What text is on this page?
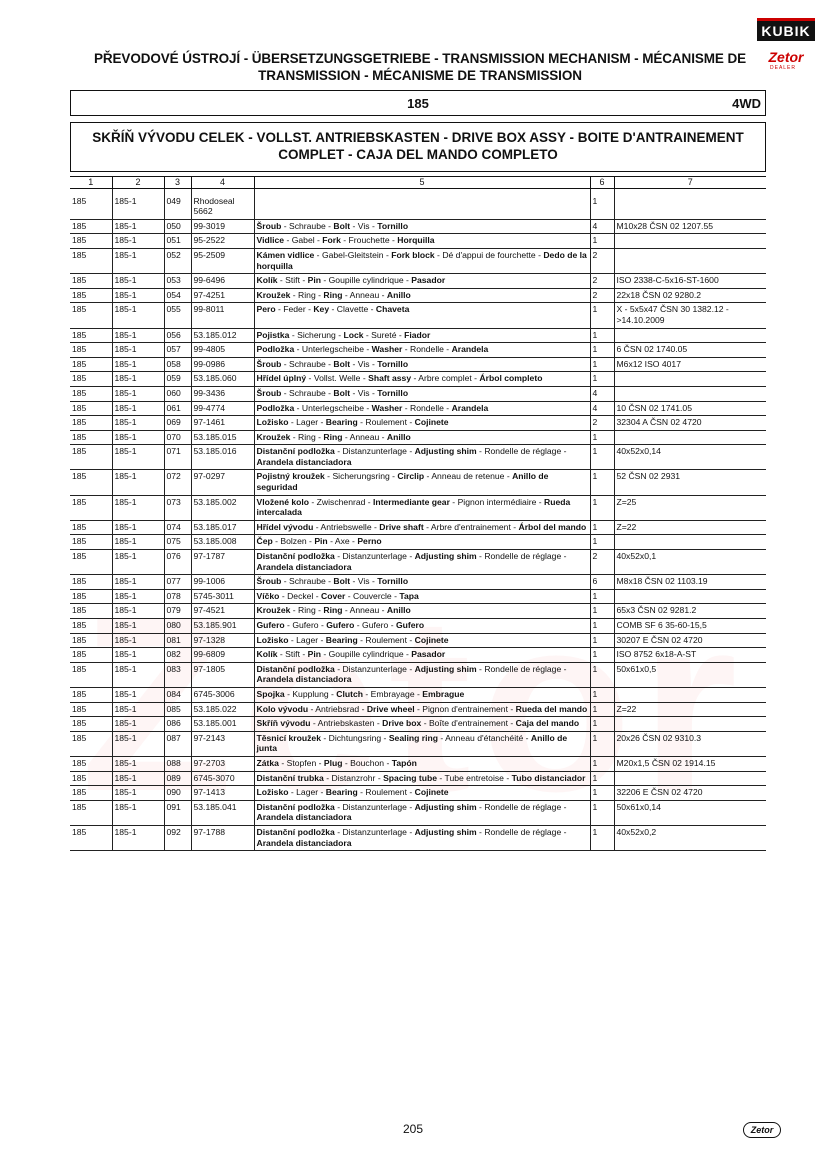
KUBIK
Zetor
DEALER
PŘEVODOVÉ ÚSTROJÍ - ÜBERSETZUNGSGETRIEBE - TRANSMISSION MECHANISM - MÉCANISME DE
TRANSMISSION - MÉCANISME DE TRANSMISSION
185	4WD
SKŘÍŇ VÝVODU CELEK - VOLLST. ANTRIEBSKASTEN - DRIVE BOX ASSY - BOITE D'ANTRAINEMENT
COMPLET - CAJA DEL MANDO COMPLETO
1	2	3	4	5	6	7

185	185-1	049	Rhodoseal 5662		1	
185	185-1	050	99-3019	Šroub - Schraube - Bolt - Vis - Tornillo	4	M10x28 ČSN 02 1207.55
185	185-1	051	95-2522	Vidlice - Gabel - Fork - Frouchette - Horquilla	1	
185	185-1	052	95-2509	Kámen vidlice - Gabel-Gleitstein - Fork block - Dé d'appui de fourchette - Dedo de la horquilla	2	
185	185-1	053	99-6496	Kolík - Stift - Pin - Goupille cylindrique - Pasador	2	ISO 2338-C-5x16-ST-1600
185	185-1	054	97-4251	Kroužek - Ring - Ring - Anneau - Anillo	2	22x18 ČSN 02 9280.2
185	185-1	055	99-8011	Pero - Feder - Key - Clavette - Chaveta	1	X - 5x5x47 ČSN 30 1382.12 - >14.10.2009
185	185-1	056	53.185.012	Pojistka - Sicherung - Lock - Sureté - Fiador	1	
185	185-1	057	99-4805	Podložka - Unterlegscheibe - Washer - Rondelle - Arandela	1	6 ČSN 02 1740.05
185	185-1	058	99-0986	Šroub - Schraube - Bolt - Vis - Tornillo	1	M6x12 ISO 4017
185	185-1	059	53.185.060	Hřídel úplný - Vollst. Welle - Shaft assy - Arbre complet - Árbol completo	1	
185	185-1	060	99-3436	Šroub - Schraube - Bolt - Vis - Tornillo	4	
185	185-1	061	99-4774	Podložka - Unterlegscheibe - Washer - Rondelle - Arandela	4	10 ČSN 02 1741.05
185	185-1	069	97-1461	Ložisko - Lager - Bearing - Roulement - Cojinete	2	32304 A ČSN 02 4720
185	185-1	070	53.185.015	Kroužek - Ring - Ring - Anneau - Anillo	1	
185	185-1	071	53.185.016	Distanční podložka - Distanzunterlage - Adjusting shim - Rondelle de réglage - Arandela distanciadora	1	40x52x0,14
185	185-1	072	97-0297	Pojistný kroužek - Sicherungsring - Circlip - Anneau de retenue - Anillo de seguridad	1	52 ČSN 02 2931
185	185-1	073	53.185.002	Vložené kolo - Zwischenrad - Intermediante gear - Pignon intermédiaire - Rueda intercalada	1	Z=25
185	185-1	074	53.185.017	Hřídel vývodu - Antriebswelle - Drive shaft - Arbre d'entrainement - Árbol del mando	1	Z=22
185	185-1	075	53.185.008	Čep - Bolzen - Pin - Axe - Perno	1	
185	185-1	076	97-1787	Distanční podložka - Distanzunterlage - Adjusting shim - Rondelle de réglage - Arandela distanciadora	2	40x52x0,1
185	185-1	077	99-1006	Šroub - Schraube - Bolt - Vis - Tornillo	6	M8x18 ČSN 02 1103.19
185	185-1	078	5745-3011	Víčko - Deckel - Cover - Couvercle - Tapa	1	
185	185-1	079	97-4521	Kroužek - Ring - Ring - Anneau - Anillo	1	65x3 ČSN 02 9281.2
185	185-1	080	53.185.901	Gufero - Gufero - Gufero - Gufero - Gufero	1	COMB SF 6 35-60-15,5
185	185-1	081	97-1328	Ložisko - Lager - Bearing - Roulement - Cojinete	1	30207 E ČSN 02 4720
185	185-1	082	99-6809	Kolík - Stift - Pin - Goupille cylindrique - Pasador	1	ISO 8752 6x18-A-ST
185	185-1	083	97-1805	Distanční podložka - Distanzunterlage - Adjusting shim - Rondelle de réglage - Arandela distanciadora	1	50x61x0,5
185	185-1	084	6745-3006	Spojka - Kupplung - Clutch - Embrayage - Embrague	1	
185	185-1	085	53.185.022	Kolo vývodu - Antriebsrad - Drive wheel - Pignon d'entrainement - Rueda del mando	1	Z=22
185	185-1	086	53.185.001	Skříň vývodu - Antriebskasten - Drive box - Boîte d'entrainement - Caja del mando	1	
185	185-1	087	97-2143	Těsnicí kroužek - Dichtungsring - Sealing ring - Anneau d'étanchéité - Anillo de junta	1	20x26 ČSN 02 9310.3
185	185-1	088	97-2703	Zátka - Stopfen - Plug - Bouchon - Tapón	1	M20x1,5 ČSN 02 1914.15
185	185-1	089	6745-3070	Distanční trubka - Distanzrohr - Spacing tube - Tube entretoise - Tubo distanciador	1	
185	185-1	090	97-1413	Ložisko - Lager - Bearing - Roulement - Cojinete	1	32206 E ČSN 02 4720
185	185-1	091	53.185.041	Distanční podložka - Distanzunterlage - Adjusting shim - Rondelle de réglage - Arandela distanciadora	1	50x61x0,14
185	185-1	092	97-1788	Distanční podložka - Distanzunterlage - Adjusting shim - Rondelle de réglage - Arandela distanciadora	1	40x52x0,2
205	Zetor
